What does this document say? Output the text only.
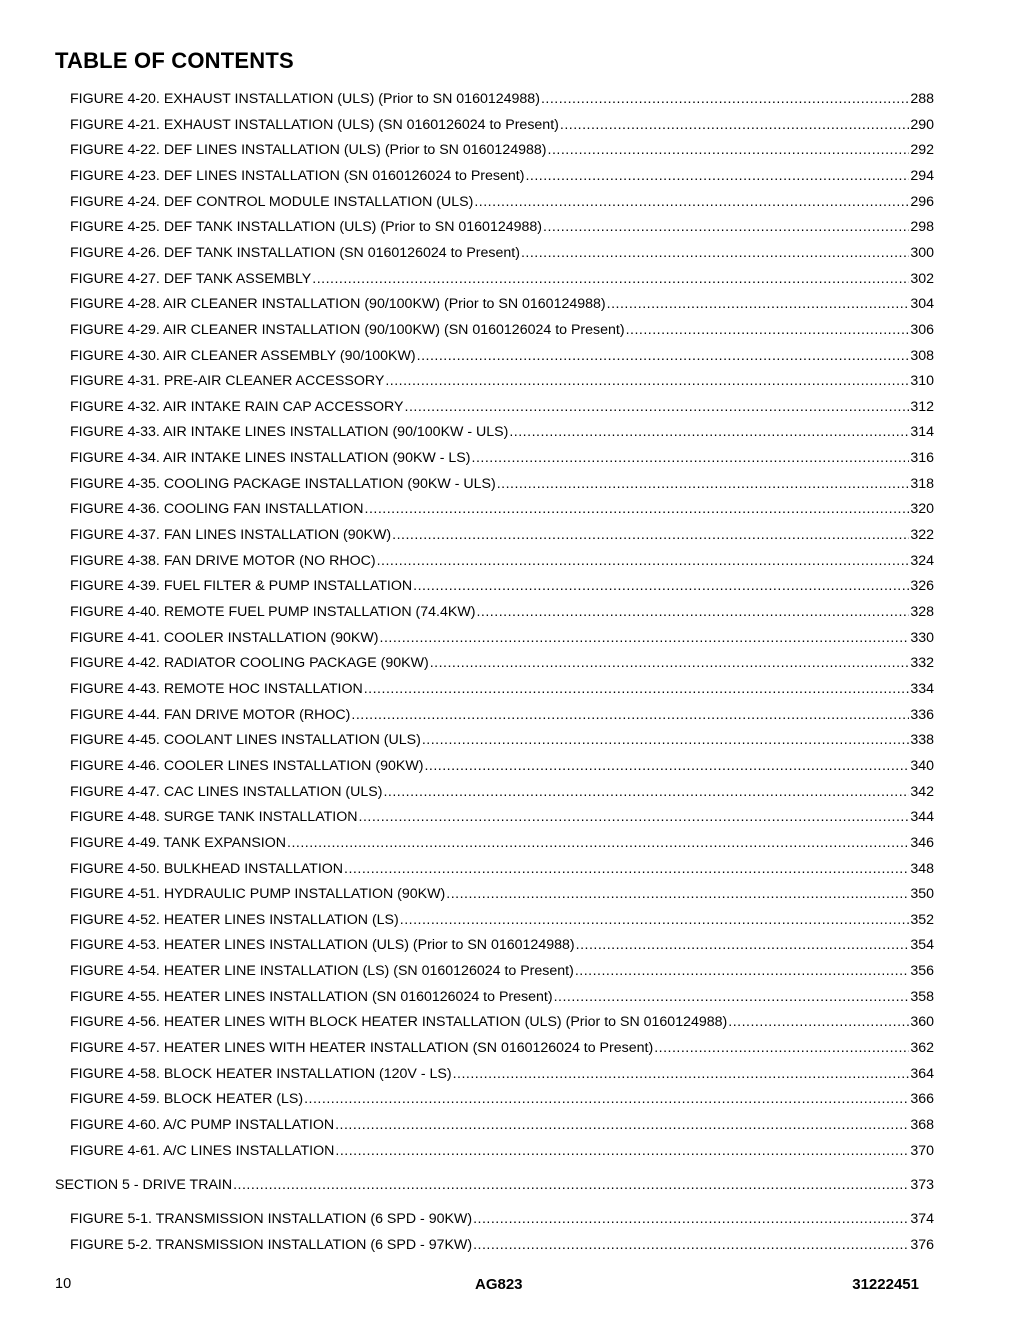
TABLE OF CONTENTS
FIGURE 4-20. EXHAUST INSTALLATION (ULS) (Prior to SN 0160124988) .....	288
FIGURE 4-21. EXHAUST INSTALLATION (ULS) (SN 0160126024 to Present) .....	290
FIGURE 4-22. DEF LINES INSTALLATION (ULS) (Prior to SN 0160124988) .....	292
FIGURE 4-23. DEF LINES INSTALLATION (SN 0160126024 to Present) .....	294
FIGURE 4-24. DEF CONTROL MODULE INSTALLATION (ULS) .....	296
FIGURE 4-25. DEF TANK INSTALLATION (ULS) (Prior to SN 0160124988) .....	298
FIGURE 4-26. DEF TANK INSTALLATION (SN 0160126024 to Present) .....	300
FIGURE 4-27. DEF TANK ASSEMBLY .....	302
FIGURE 4-28. AIR CLEANER INSTALLATION (90/100KW) (Prior to SN 0160124988) .....	304
FIGURE 4-29. AIR CLEANER INSTALLATION (90/100KW) (SN 0160126024 to Present) .....	306
FIGURE 4-30. AIR CLEANER ASSEMBLY (90/100KW) .....	308
FIGURE 4-31. PRE-AIR CLEANER ACCESSORY .....	310
FIGURE 4-32. AIR INTAKE RAIN CAP ACCESSORY .....	312
FIGURE 4-33. AIR INTAKE LINES INSTALLATION (90/100KW - ULS) .....	314
FIGURE 4-34. AIR INTAKE LINES INSTALLATION (90KW - LS) .....	316
FIGURE 4-35. COOLING PACKAGE INSTALLATION (90KW - ULS) .....	318
FIGURE 4-36. COOLING FAN INSTALLATION .....	320
FIGURE 4-37. FAN LINES INSTALLATION (90KW) .....	322
FIGURE 4-38. FAN DRIVE MOTOR (NO RHOC) .....	324
FIGURE 4-39. FUEL FILTER & PUMP INSTALLATION .....	326
FIGURE 4-40. REMOTE FUEL PUMP INSTALLATION (74.4KW) .....	328
FIGURE 4-41. COOLER INSTALLATION (90KW) .....	330
FIGURE 4-42. RADIATOR COOLING PACKAGE (90KW) .....	332
FIGURE 4-43. REMOTE HOC INSTALLATION .....	334
FIGURE 4-44. FAN DRIVE MOTOR (RHOC) .....	336
FIGURE 4-45. COOLANT LINES INSTALLATION (ULS) .....	338
FIGURE 4-46. COOLER LINES INSTALLATION (90KW) .....	340
FIGURE 4-47. CAC LINES INSTALLATION (ULS) .....	342
FIGURE 4-48. SURGE TANK INSTALLATION .....	344
FIGURE 4-49. TANK EXPANSION .....	346
FIGURE 4-50. BULKHEAD INSTALLATION .....	348
FIGURE 4-51. HYDRAULIC PUMP INSTALLATION (90KW) .....	350
FIGURE 4-52. HEATER LINES INSTALLATION (LS) .....	352
FIGURE 4-53. HEATER LINES INSTALLATION (ULS) (Prior to SN 0160124988) .....	354
FIGURE 4-54. HEATER LINE INSTALLATION (LS) (SN 0160126024 to Present) .....	356
FIGURE 4-55. HEATER LINES INSTALLATION (SN 0160126024 to Present) .....	358
FIGURE 4-56. HEATER LINES WITH BLOCK HEATER INSTALLATION (ULS) (Prior to SN 0160124988) .....	360
FIGURE 4-57. HEATER LINES WITH HEATER INSTALLATION (SN 0160126024 to Present) .....	362
FIGURE 4-58. BLOCK HEATER INSTALLATION (120V - LS) .....	364
FIGURE 4-59. BLOCK HEATER (LS) .....	366
FIGURE 4-60. A/C PUMP INSTALLATION .....	368
FIGURE 4-61. A/C LINES INSTALLATION .....	370
SECTION 5 - DRIVE TRAIN .....	373
FIGURE 5-1. TRANSMISSION INSTALLATION (6 SPD - 90KW) .....	374
FIGURE 5-2. TRANSMISSION INSTALLATION (6 SPD - 97KW) .....	376
10	AG823	31222451
